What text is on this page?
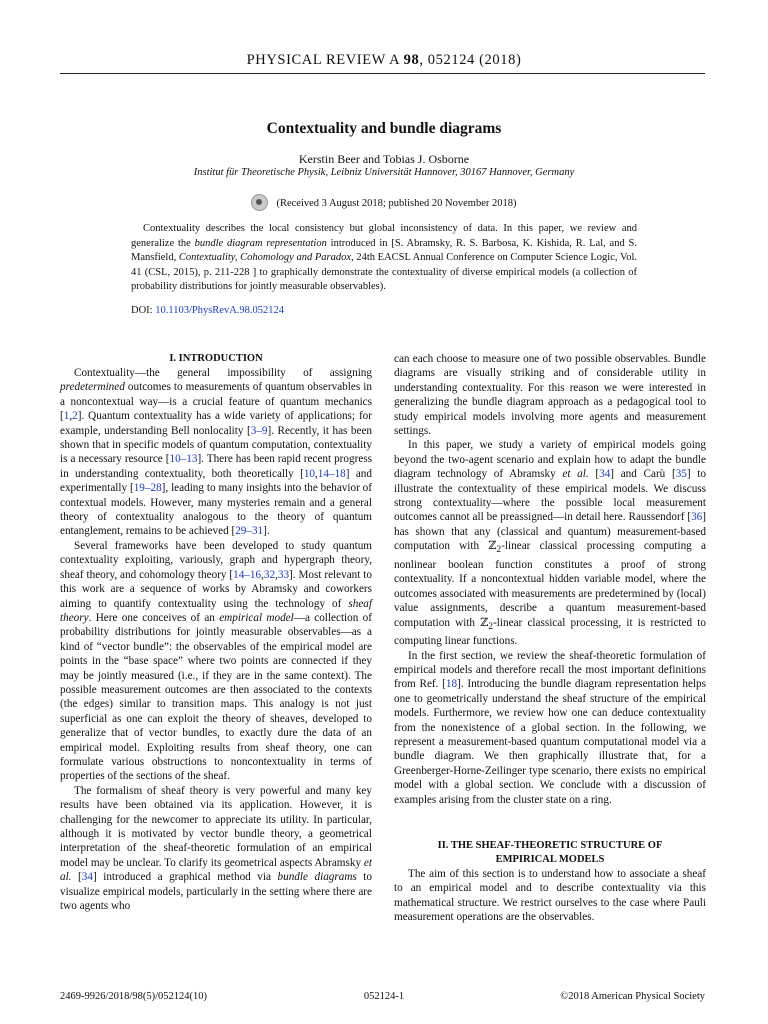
PHYSICAL REVIEW A 98, 052124 (2018)
Contextuality and bundle diagrams
Kerstin Beer and Tobias J. Osborne
Institut für Theoretische Physik, Leibniz Universität Hannover, 30167 Hannover, Germany
(Received 3 August 2018; published 20 November 2018)

Contextuality describes the local consistency but global inconsistency of data. In this paper, we review and generalize the bundle diagram representation introduced in [S. Abramsky, R. S. Barbosa, K. Kishida, R. Lal, and S. Mansfield, Contextuality, Cohomology and Paradox, 24th EACSL Annual Conference on Computer Science Logic, Vol. 41 (CSL, 2015), p. 211-228 ] to graphically demonstrate the contextuality of diverse empirical models (a collection of probability distributions for jointly measurable observables).

DOI: 10.1103/PhysRevA.98.052124

I. INTRODUCTION

Contextuality—the general impossibility of assigning predetermined outcomes to measurements of quantum observables in a noncontextual way—is a crucial feature of quantum mechanics [1,2]. Quantum contextuality has a wide variety of applications; for example, understanding Bell nonlocality [3–9]. Recently, it has been shown that in specific models of quantum computation, contextuality is a necessary resource [10–13]. There has been rapid recent progress in understanding contextuality, both theoretically [10,14–18] and experimentally [19–28], leading to many insights into the behavior of contextual models. However, many mysteries remain and a general theory of contextuality analogous to the theory of quantum entanglement, remains to be achieved [29–31].

Several frameworks have been developed to study quantum contextuality exploiting, variously, graph and hypergraph theory, sheaf theory, and cohomology theory [14–16,32,33]. Most relevant to this work are a sequence of works by Abramsky and coworkers aiming to quantify contextuality using the technology of sheaf theory. Here one conceives of an empirical model—a collection of probability distributions for jointly measurable observables—as a kind of “vector bundle”: the observables of the empirical model are points in the “base space” where two points are connected if they may be jointly measured (i.e., if they are in the same context). The possible measurement outcomes are then associated to the contexts (the edges) similar to transition maps. This analogy is not just superficial as one can exploit the theory of sheaves, developed to generalize that of vector bundles, to exactly dure the data of an empirical model. Exploiting results from sheaf theory, one can formulate various obstructions to noncontextuality in terms of properties of the sections of the sheaf.

The formalism of sheaf theory is very powerful and many key results have been obtained via its application. However, it is challenging for the newcomer to appreciate its utility. In particular, although it is motivated by vector bundle theory, a geometrical interpretation of the sheaf-theoretic formulation of an empirical model may be unclear. To clarify its geometrical aspects Abramsky et al. [34] introduced a graphical method via bundle diagrams to visualize empirical models, particularly in the setting where there are two agents who

can each choose to measure one of two possible observables. Bundle diagrams are visually striking and of considerable utility in understanding contextuality. For this reason we were interested in generalizing the bundle diagram approach as a pedagogical tool to study empirical models involving more agents and measurement settings.

In this paper, we study a variety of empirical models going beyond the two-agent scenario and explain how to adapt the bundle diagram technology of Abramsky et al. [34] and Carù [35] to illustrate the contextuality of these empirical models. We discuss strong contextuality—where the possible local measurement outcomes cannot all be preassigned—in detail here. Raussendorf [36] has shown that any (classical and quantum) measurement-based computation with ℤ$_2$-linear classical processing computing a nonlinear boolean function constitutes a proof of strong contextuality. If a noncontextual hidden variable model, where the outcomes associated with measurements are predetermined by (local) value assignments, describe a quantum measurement-based computation with ℤ$_2$-linear classical processing, it is restricted to computing linear functions.

In the first section, we review the sheaf-theoretic formulation of empirical models and therefore recall the most important definitions from Ref. [18]. Introducing the bundle diagram representation helps one to geometrically understand the sheaf structure of the empirical models. Furthermore, we review how one can deduce contextuality from the nonexistence of a global section. In the following, we represent a measurement-based quantum computational model via a bundle diagram. We then graphically illustrate that, for a Greenberger-Horne-Zeilinger type scenario, there exists no empirical model with a global section. We conclude with a discussion of examples arising from the cluster state on a ring.

II. THE SHEAF-THEORETIC STRUCTURE OF

EMPIRICAL MODELS

The aim of this section is to understand how to associate a sheaf to an empirical model and to describe contextuality via this mathematical structure. We restrict ourselves to the case where Pauli measurement operations are the observables.

2469-9926/2018/98(5)/052124(10)	052124-1	©2018 American Physical Society
